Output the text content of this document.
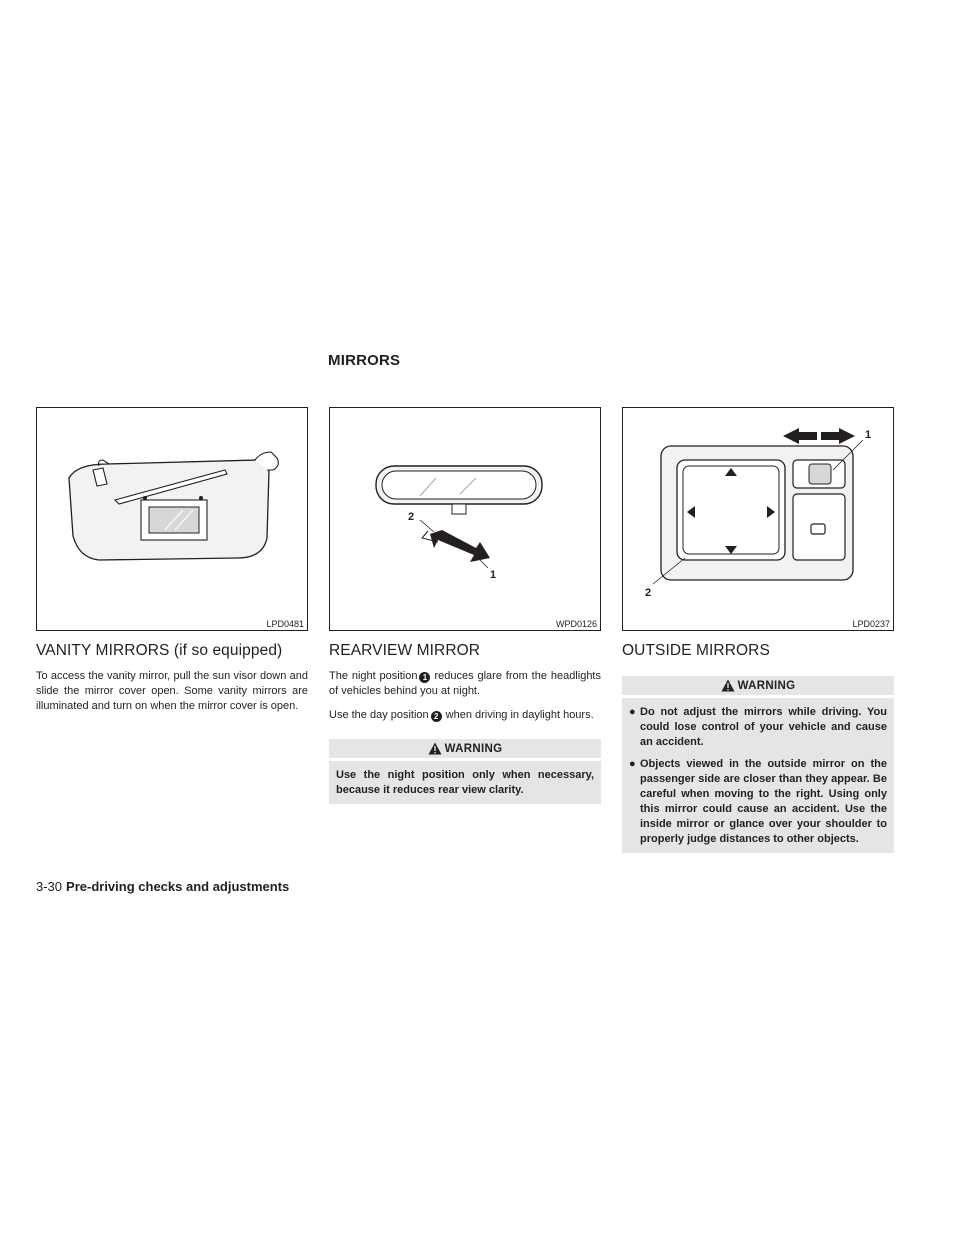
MIRRORS
LPD0481
VANITY MIRRORS (if so equipped)

To access the vanity mirror, pull the sun visor down and slide the mirror cover open. Some vanity mirrors are illuminated and turn on when the mirror cover is open.

2
1
WPD0126
REARVIEW MIRROR

The night position 1 reduces glare from the headlights of vehicles behind you at night.

Use the day position 2 when driving in daylight hours.

WARNING
Use the night position only when necessary, because it reduces rear view clarity.
1
2
LPD0237
OUTSIDE MIRRORS
WARNING
● Do not adjust the mirrors while driving. You could lose control of your vehicle and cause an accident.
● Objects viewed in the outside mirror on the passenger side are closer than they appear. Be careful when moving to the right. Using only this mirror could cause an accident. Use the inside mirror or glance over your shoulder to properly judge distances to other objects.
3-30 Pre-driving checks and adjustments
